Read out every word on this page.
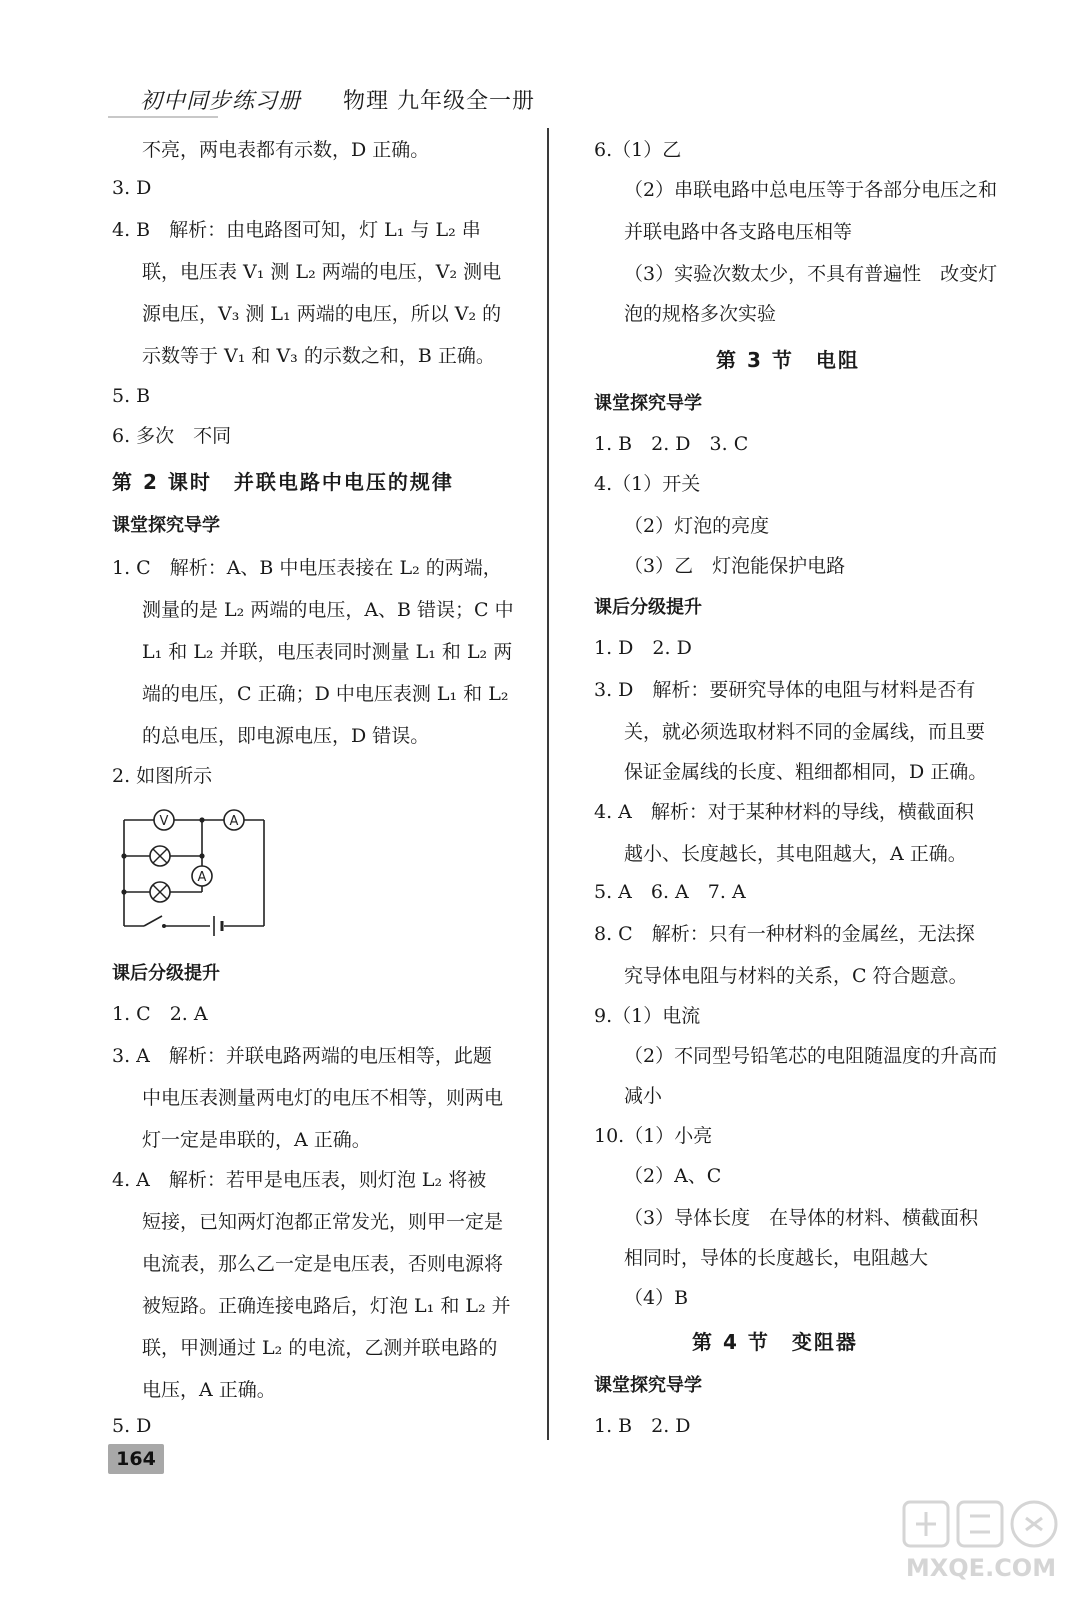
初中同步练习册 物理 九年级全一册
不亮，两电表都有示数，D 正确。
3. D
4. B　解析：由电路图可知，灯 L₁ 与 L₂ 串
联，电压表 V₁ 测 L₂ 两端的电压，V₂ 测电
源电压，V₃ 测 L₁ 两端的电压，所以 V₂ 的
示数等于 V₁ 和 V₃ 的示数之和，B 正确。
5. B
6. 多次　不同
第 2 课时　并联电路中电压的规律
课堂探究导学
1. C　解析：A、B 中电压表接在 L₂ 的两端，
测量的是 L₂ 两端的电压，A、B 错误；C 中
L₁ 和 L₂ 并联，电压表同时测量 L₁ 和 L₂ 两
端的电压，C 正确；D 中电压表测 L₁ 和 L₂
的总电压，即电源电压，D 错误。
2. 如图所示
课后分级提升
1. C　2. A
3. A　解析：并联电路两端的电压相等，此题
中电压表测量两电灯的电压不相等，则两电
灯一定是串联的，A 正确。
4. A　解析：若甲是电压表，则灯泡 L₂ 将被
短接，已知两灯泡都正常发光，则甲一定是
电流表，那么乙一定是电压表，否则电源将
被短路。正确连接电路后，灯泡 L₁ 和 L₂ 并
联，甲测通过 L₂ 的电流，乙测并联电路的
电压，A 正确。
5. D
V	A
A
6.（1）乙
（2）串联电路中总电压等于各部分电压之和
并联电路中各支路电压相等
（3）实验次数太少，不具有普遍性　改变灯
泡的规格多次实验
第 3 节　电阻
课堂探究导学
1. B　2. D　3. C
4.（1）开关
（2）灯泡的亮度
（3）乙　灯泡能保护电路
课后分级提升
1. D　2. D
3. D　解析：要研究导体的电阻与材料是否有
关，就必须选取材料不同的金属线，而且要
保证金属线的长度、粗细都相同，D 正确。
4. A　解析：对于某种材料的导线，横截面积
越小、长度越长，其电阻越大，A 正确。
5. A　6. A　7. A
8. C　解析：只有一种材料的金属丝，无法探
究导体电阻与材料的关系，C 符合题意。
9.（1）电流
（2）不同型号铅笔芯的电阻随温度的升高而
减小
10.（1）小亮
（2）A、C
（3）导体长度　在导体的材料、横截面积
相同时，导体的长度越长，电阻越大
（4）B
第 4 节　变阻器
课堂探究导学
1. B　2. D
164
MXQE.COM
